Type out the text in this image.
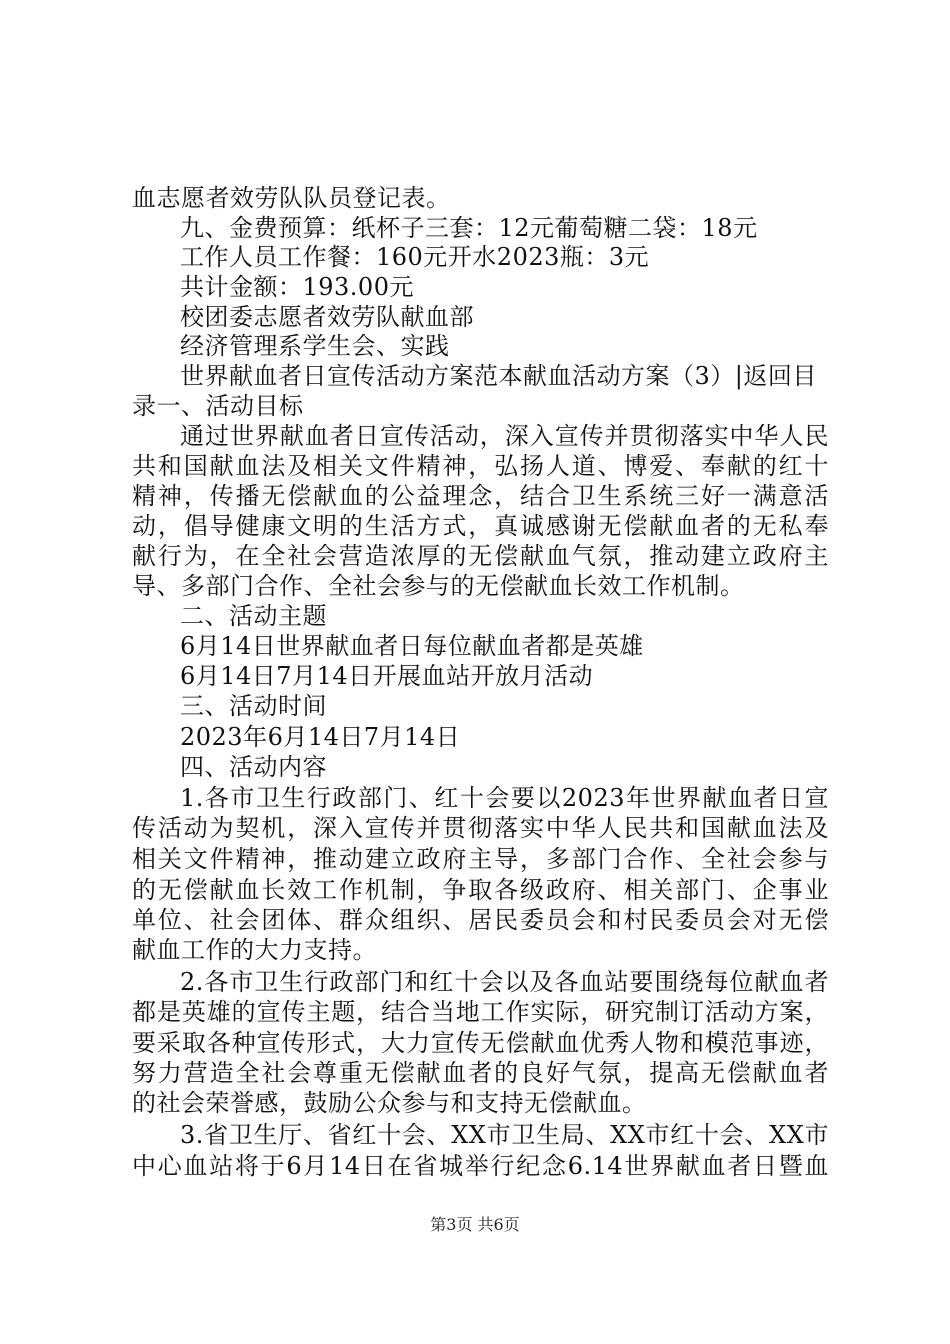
血志愿者效劳队队员登记表。
九、金费预算：纸杯子三套：12元葡萄糖二袋：18元
工作人员工作餐：160元开水2023瓶：3元
共计金额：193.00元
校团委志愿者效劳队献血部
经济管理系学生会、实践
世界献血者日宣传活动方案范本献血活动方案（3）|返回目
录一、活动目标
通过世界献血者日宣传活动，深入宣传并贯彻落实中华人民
共和国献血法及相关文件精神，弘扬人道、博爱、奉献的红十
精神，传播无偿献血的公益理念，结合卫生系统三好一满意活
动，倡导健康文明的生活方式，真诚感谢无偿献血者的无私奉
献行为，在全社会营造浓厚的无偿献血气氛，推动建立政府主
导、多部门合作、全社会参与的无偿献血长效工作机制。
二、活动主题
6月14日世界献血者日每位献血者都是英雄
6月14日7月14日开展血站开放月活动
三、活动时间
2023年6月14日7月14日
四、活动内容
1.各市卫生行政部门、红十会要以2023年世界献血者日宣
传活动为契机，深入宣传并贯彻落实中华人民共和国献血法及
相关文件精神，推动建立政府主导，多部门合作、全社会参与
的无偿献血长效工作机制，争取各级政府、相关部门、企事业
单位、社会团体、群众组织、居民委员会和村民委员会对无偿
献血工作的大力支持。
2.各市卫生行政部门和红十会以及各血站要围绕每位献血者
都是英雄的宣传主题，结合当地工作实际，研究制订活动方案，
要采取各种宣传形式，大力宣传无偿献血优秀人物和模范事迹，
努力营造全社会尊重无偿献血者的良好气氛，提高无偿献血者
的社会荣誉感，鼓励公众参与和支持无偿献血。
3.省卫生厅、省红十会、XX市卫生局、XX市红十会、XX市
中心血站将于6月14日在省城举行纪念6.14世界献血者日暨血
第3页 共6页
